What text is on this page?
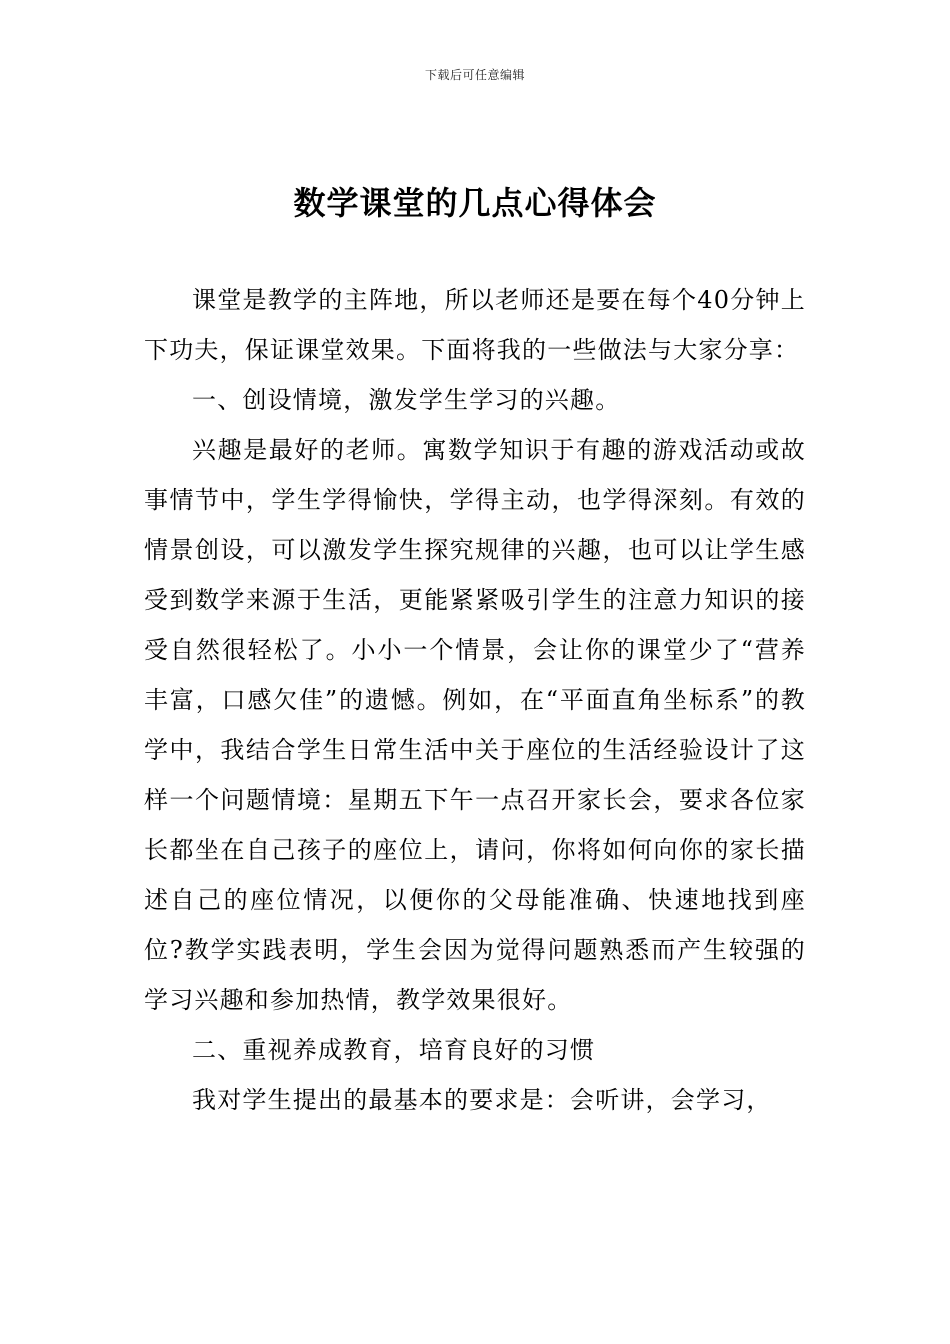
下载后可任意编辑
数学课堂的几点心得体会

课堂是教学的主阵地，所以老师还是要在每个40分钟上下功夫，保证课堂效果。下面将我的一些做法与大家分享：

一、创设情境，激发学生学习的兴趣。

兴趣是最好的老师。寓数学知识于有趣的游戏活动或故事情节中，学生学得愉快，学得主动，也学得深刻。有效的情景创设，可以激发学生探究规律的兴趣，也可以让学生感受到数学来源于生活，更能紧紧吸引学生的注意力知识的接受自然很轻松了。小小一个情景，会让你的课堂少了“营养丰富，口感欠佳”的遗憾。例如，在“平面直角坐标系”的教学中，我结合学生日常生活中关于座位的生活经验设计了这样一个问题情境：星期五下午一点召开家长会，要求各位家长都坐在自己孩子的座位上，请问，你将如何向你的家长描述自己的座位情况，以便你的父母能准确、快速地找到座位?教学实践表明，学生会因为觉得问题熟悉而产生较强的学习兴趣和参加热情，教学效果很好。

二、重视养成教育，培育良好的习惯

我对学生提出的最基本的要求是：会听讲，会学习，
